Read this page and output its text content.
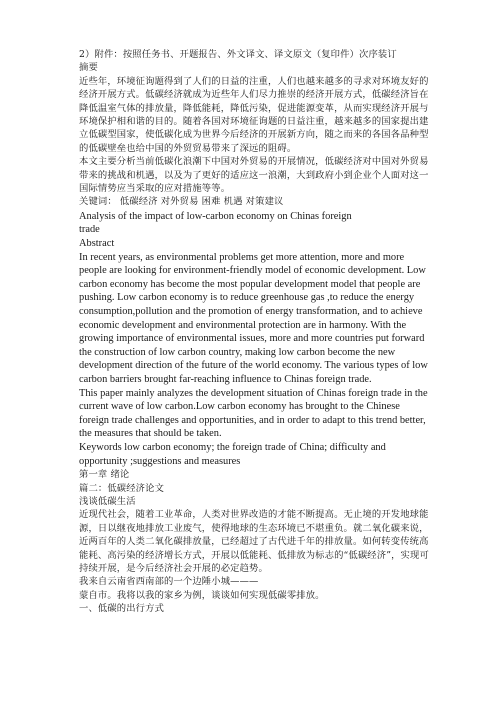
2）附件：按照任务书、开题报告、外文译文、译文原文（复印件）次序装订

摘要

近些年，环境征询题得到了人们的日益的注重，人们也越来越多的寻求对环境友好的经济开展方式。低碳经济就成为近些年人们尽力推崇的经济开展方式，低碳经济旨在降低温室气体的排放量，降低能耗，降低污染，促进能源变革，从而实现经济开展与环境保护相和谐的目的。随着各国对环境征询题的日益注重，越来越多的国家提出建立低碳型国家，使低碳化成为世界今后经济的开展新方向，随之而来的各国各品种型的低碳壁垒也给中国的外贸贸易带来了深远的阻碍。

本文主要分析当前低碳化浪潮下中国对外贸易的开展情况，低碳经济对中国对外贸易带来的挑战和机遇，以及为了更好的适应这一浪潮，大到政府小到企业个人面对这一国际情势应当采取的应对措施等等。

关键词： 低碳经济 对外贸易 困难 机遇 对策建议

Analysis of the impact of low-carbon economy on Chinas foreign

trade

Abstract

In recent years, as environmental problems get more attention, more and more people are looking for environment-friendly model of economic development. Low carbon economy has become the most popular development model that people are pushing. Low carbon economy is to reduce greenhouse gas ,to reduce the energy consumption,pollution and the promotion of energy transformation, and to achieve economic development and environmental protection are in harmony. With the growing importance of environmental issues, more and more countries put forward the construction of low carbon country, making low carbon become the new development direction of the future of the world economy. The various types of low carbon barriers brought far-reaching influence to Chinas foreign trade.

This paper mainly analyzes the development situation of Chinas foreign trade in the current wave of low carbon.Low carbon economy has brought to the Chinese foreign trade challenges and opportunities, and in order to adapt to this trend better, the measures that should be taken.

Keywords low carbon economy; the foreign trade of China; difficulty and opportunity ;suggestions and measures

第一章 绪论

篇二：低碳经济论文

浅谈低碳生活

近现代社会，随着工业革命，人类对世界改造的才能不断提高。无止境的开发地球能源，日以继夜地排放工业废气，使得地球的生态环境已不堪重负。就二氧化碳来说，近两百年的人类二氧化碳排放量，已经超过了古代进千年的排放量。如何转变传统高能耗、高污染的经济增长方式，开展以低能耗、低排放为标志的“低碳经济”，实现可持续开展，是今后经济社会开展的必定趋势。

我来自云南省西南部的一个边陲小城———

蒙自市。我将以我的家乡为例，谈谈如何实现低碳零排放。

一、低碳的出行方式
